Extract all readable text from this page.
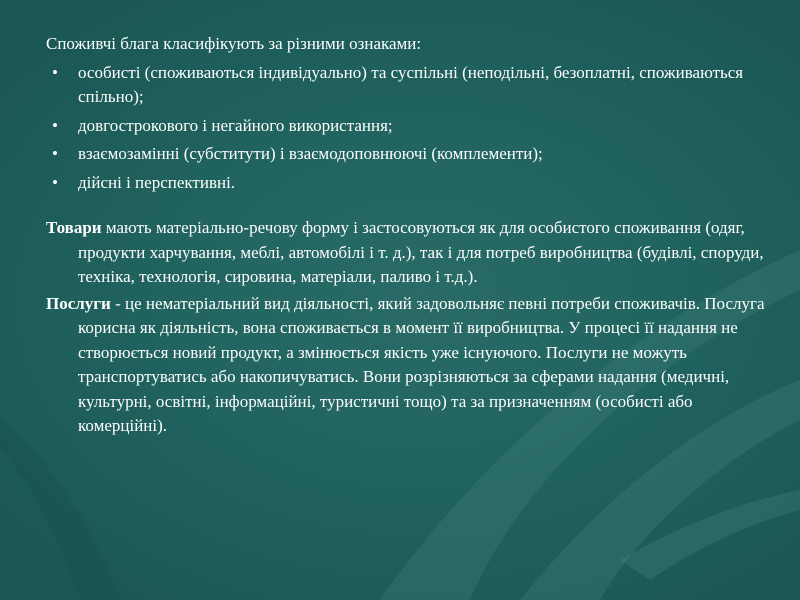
Споживчі блага класифікують за різними ознаками:

• особисті (споживаються індивідуально) та суспільні (неподільні, безоплатні, споживаються спільно);
• довгострокового і негайного використання;
• взаємозамінні (субститути) і взаємодоповнюючі (комплементи);
• дійсні і перспективні.

Товари мають матеріально-речову форму і застосовуються як для особистого споживання (одяг, продукти харчування, меблі, автомобілі і т. д.), так і для потреб виробництва (будівлі, споруди, техніка, технологія, сировина, матеріали, паливо і т.д.).

Послуги - це нематеріальний вид діяльності, який задовольняє певні потреби споживачів. Послуга корисна як діяльність, вона споживається в момент її виробництва. У процесі її надання не створюється новий продукт, а змінюється якість уже існуючого. Послуги не можуть транспортуватись або накопичуватись. Вони розрізняються за сферами надання (медичні, культурні, освітні, інформаційні, туристичні тощо) та за призначенням (особисті або комерційні).
